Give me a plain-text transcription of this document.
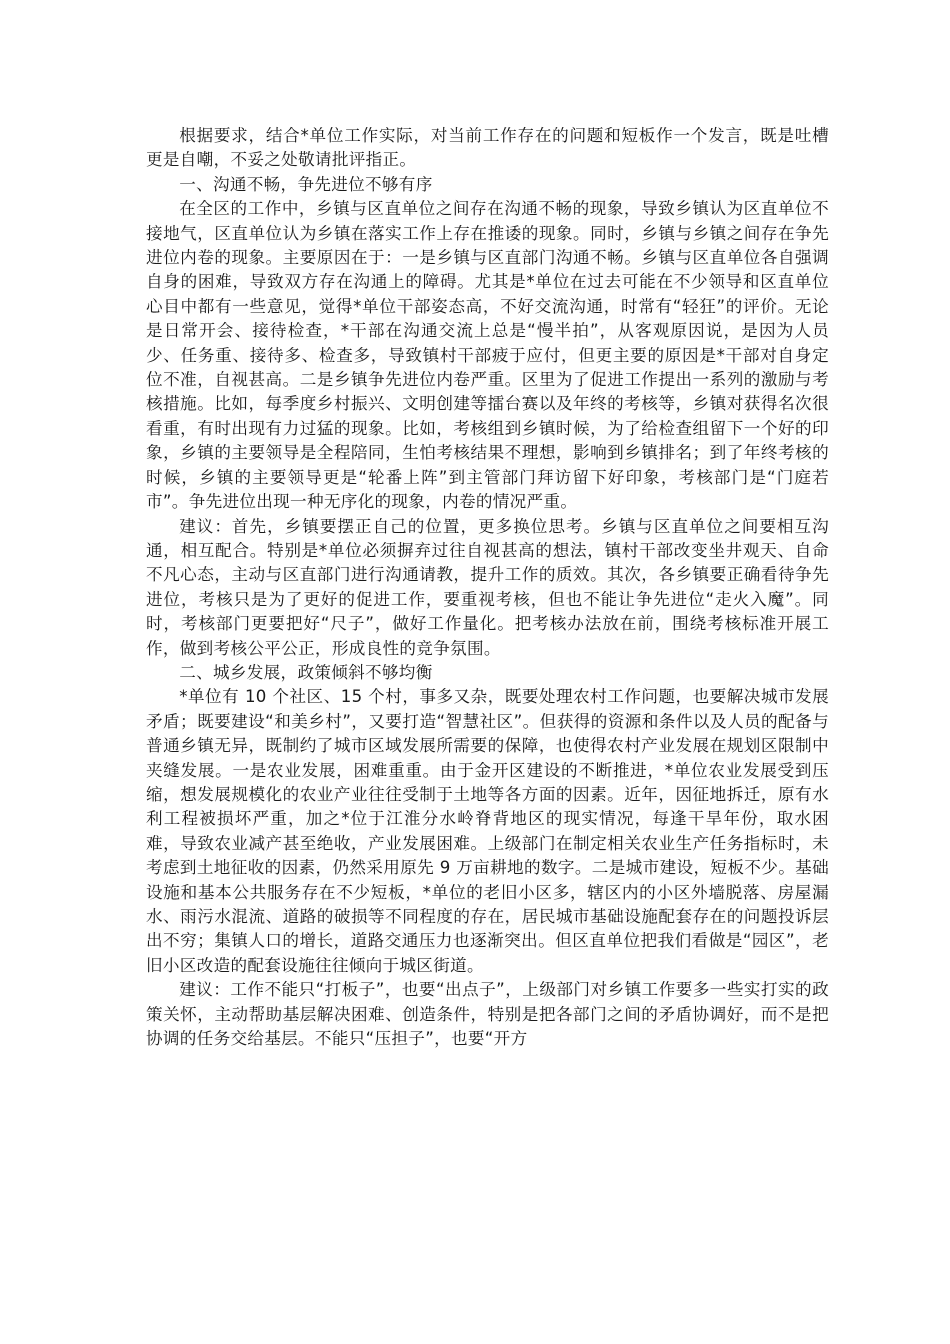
根据要求，结合*单位工作实际，对当前工作存在的问题和短板作一个发言，既是吐槽更是自嘲，不妥之处敬请批评指正。

一、沟通不畅，争先进位不够有序

在全区的工作中，乡镇与区直单位之间存在沟通不畅的现象，导致乡镇认为区直单位不接地气，区直单位认为乡镇在落实工作上存在推诿的现象。同时，乡镇与乡镇之间存在争先进位内卷的现象。主要原因在于：一是乡镇与区直部门沟通不畅。乡镇与区直单位各自强调自身的困难，导致双方存在沟通上的障碍。尤其是*单位在过去可能在不少领导和区直单位心目中都有一些意见，觉得*单位干部姿态高，不好交流沟通，时常有“轻狂”的评价。无论是日常开会、接待检查，*干部在沟通交流上总是“慢半拍”，从客观原因说，是因为人员少、任务重、接待多、检查多，导致镇村干部疲于应付，但更主要的原因是*干部对自身定位不准，自视甚高。二是乡镇争先进位内卷严重。区里为了促进工作提出一系列的激励与考核措施。比如，每季度乡村振兴、文明创建等擂台赛以及年终的考核等，乡镇对获得名次很看重，有时出现有力过猛的现象。比如，考核组到乡镇时候，为了给检查组留下一个好的印象，乡镇的主要领导是全程陪同，生怕考核结果不理想，影响到乡镇排名；到了年终考核的时候，乡镇的主要领导更是“轮番上阵”到主管部门拜访留下好印象，考核部门是“门庭若市”。争先进位出现一种无序化的现象，内卷的情况严重。

建议：首先，乡镇要摆正自己的位置，更多换位思考。乡镇与区直单位之间要相互沟通，相互配合。特别是*单位必须摒弃过往自视甚高的想法，镇村干部改变坐井观天、自命不凡心态，主动与区直部门进行沟通请教，提升工作的质效。其次，各乡镇要正确看待争先进位，考核只是为了更好的促进工作，要重视考核，但也不能让争先进位“走火入魔”。同时，考核部门更要把好“尺子”，做好工作量化。把考核办法放在前，围绕考核标准开展工作，做到考核公平公正，形成良性的竞争氛围。

二、城乡发展，政策倾斜不够均衡

*单位有 10 个社区、15 个村，事多又杂，既要处理农村工作问题，也要解决城市发展矛盾；既要建设“和美乡村”，又要打造“智慧社区”。但获得的资源和条件以及人员的配备与普通乡镇无异，既制约了城市区域发展所需要的保障，也使得农村产业发展在规划区限制中夹缝发展。一是农业发展，困难重重。由于金开区建设的不断推进，*单位农业发展受到压缩，想发展规模化的农业产业往往受制于土地等各方面的因素。近年，因征地拆迁，原有水利工程被损坏严重，加之*位于江淮分水岭脊背地区的现实情况，每逢干旱年份，取水困难，导致农业减产甚至绝收，产业发展困难。上级部门在制定相关农业生产任务指标时，未考虑到土地征收的因素，仍然采用原先 9 万亩耕地的数字。二是城市建设，短板不少。基础设施和基本公共服务存在不少短板，*单位的老旧小区多，辖区内的小区外墙脱落、房屋漏水、雨污水混流、道路的破损等不同程度的存在，居民城市基础设施配套存在的问题投诉层出不穷；集镇人口的增长，道路交通压力也逐渐突出。但区直单位把我们看做是“园区”，老旧小区改造的配套设施往往倾向于城区街道。

建议：工作不能只“打板子”，也要“出点子”，上级部门对乡镇工作要多一些实打实的政策关怀，主动帮助基层解决困难、创造条件，特别是把各部门之间的矛盾协调好，而不是把协调的任务交给基层。不能只“压担子”，也要“开方
